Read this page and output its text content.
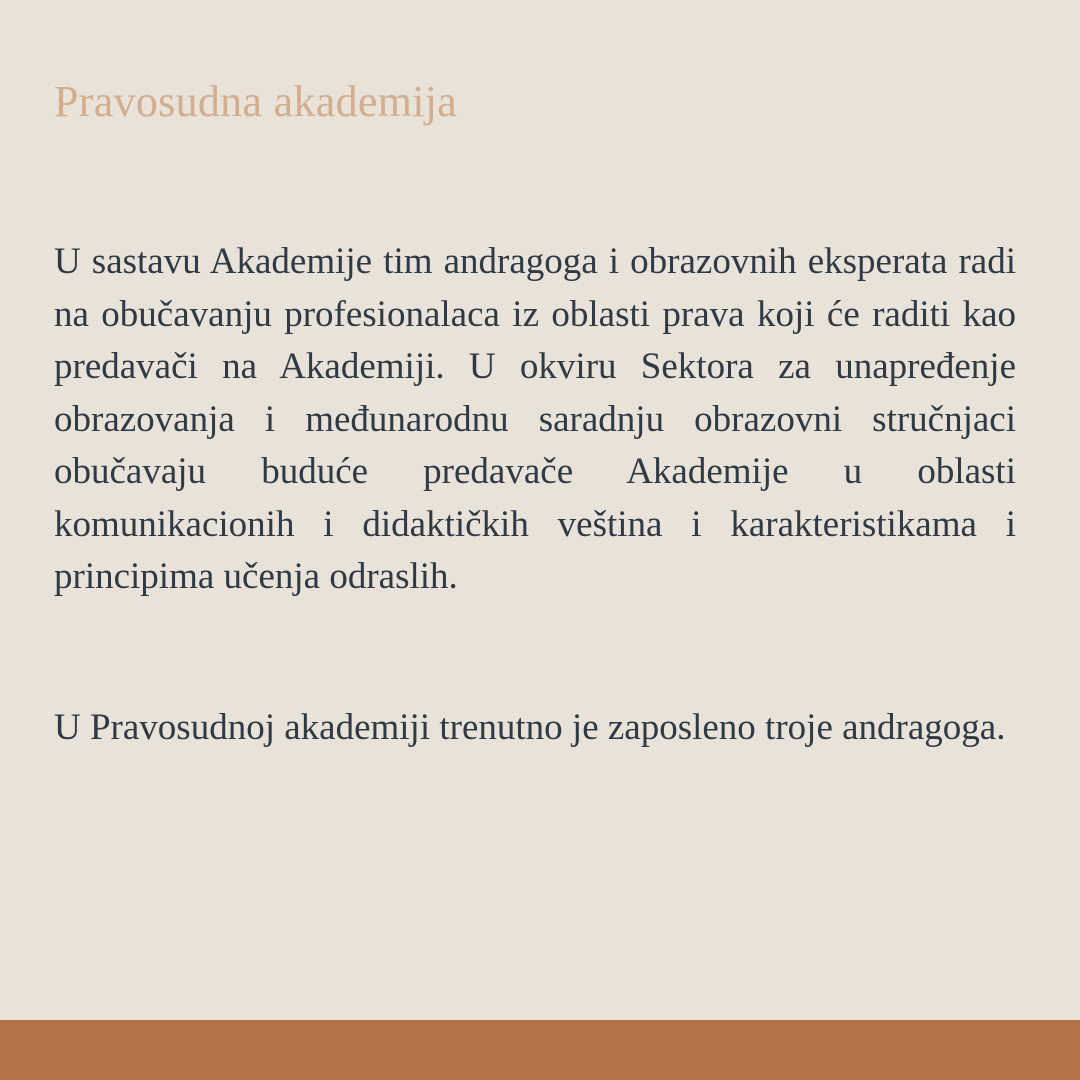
Pravosudna akademija

U sastavu Akademije tim andragoga i obrazovnih eksperata radi na obučavanju profesionalaca iz oblasti prava koji će raditi kao predavači na Akademiji. U okviru Sektora za unapređenje obrazovanja i međunarodnu saradnju obrazovni stručnjaci obučavaju buduće predavače Akademije u oblasti komunikacionih i didaktičkih veština i karakteristikama i principima učenja odraslih.

U Pravosudnoj akademiji trenutno je zaposleno troje andragoga.
